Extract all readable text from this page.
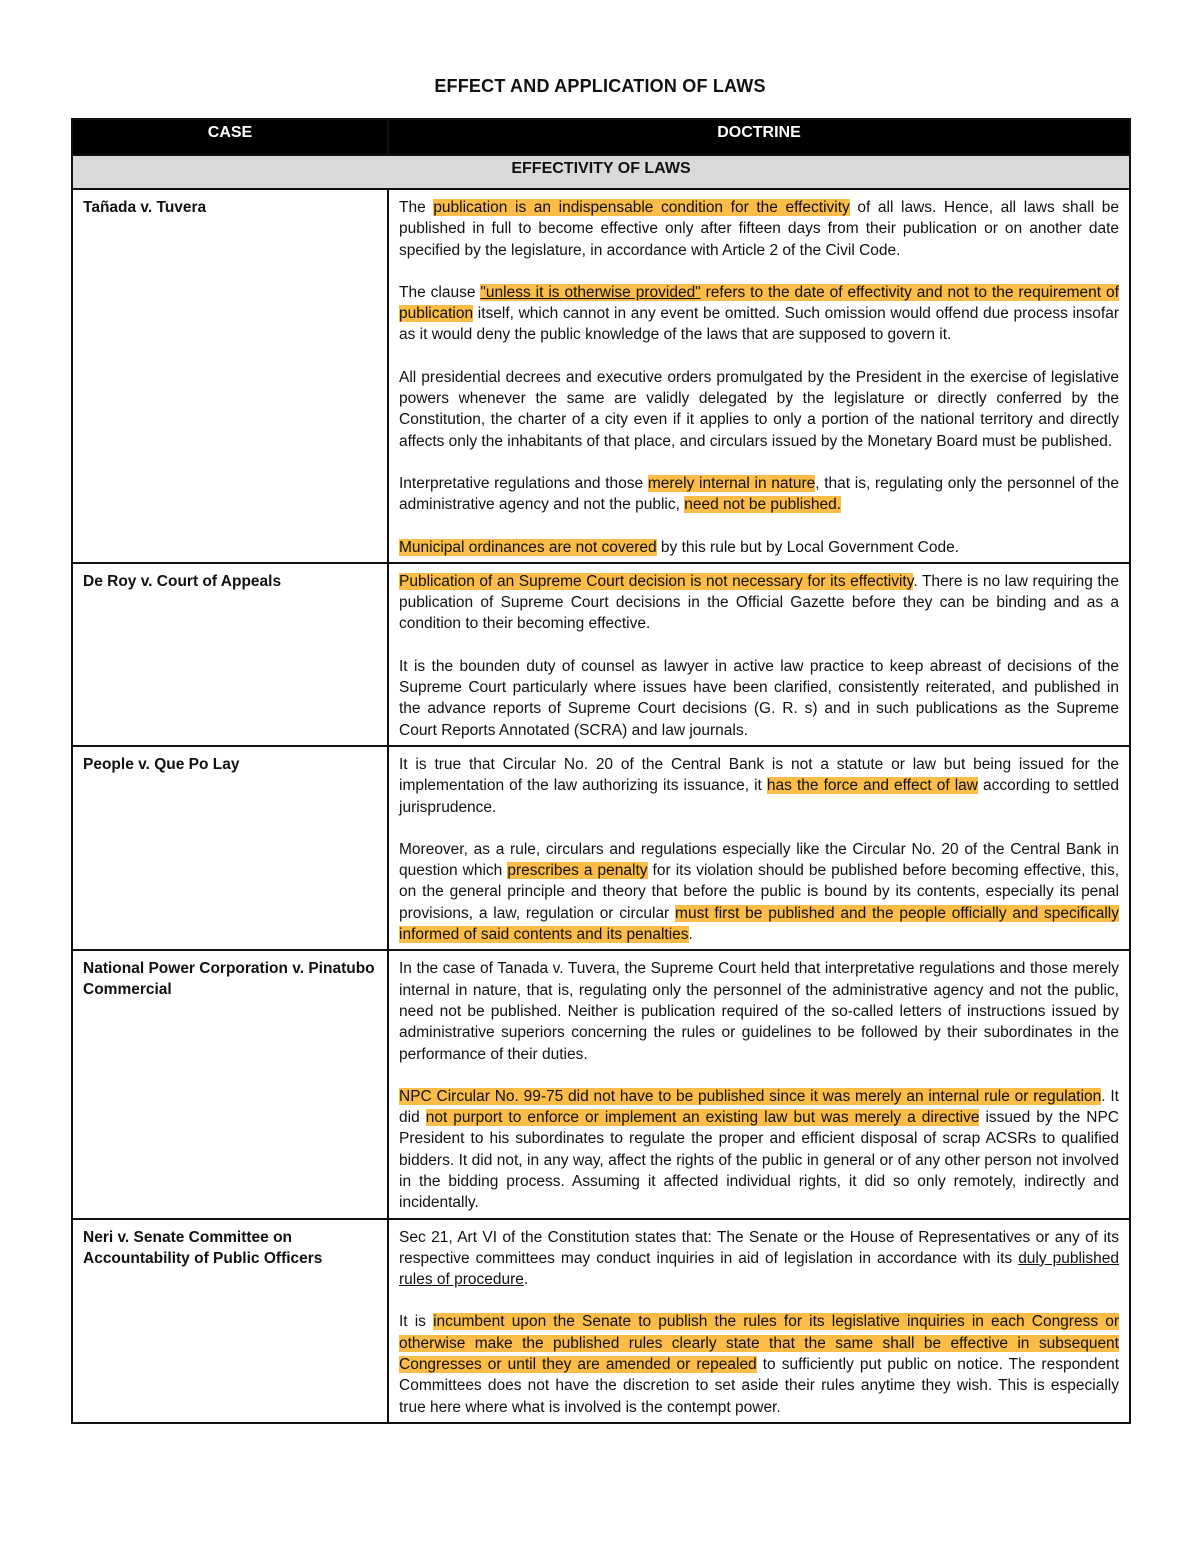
EFFECT AND APPLICATION OF LAWS
CASE	DOCTRINE
EFFECTIVITY OF LAWS	
Tañada v. Tuvera	The publication is an indispensable condition for the effectivity of all laws. Hence, all laws shall be published in full to become effective only after fifteen days from their publication or on another date specified by the legislature, in accordance with Article 2 of the Civil Code.

The clause "unless it is otherwise provided" refers to the date of effectivity and not to the requirement of publication itself, which cannot in any event be omitted. Such omission would offend due process insofar as it would deny the public knowledge of the laws that are supposed to govern it.

All presidential decrees and executive orders promulgated by the President in the exercise of legislative powers whenever the same are validly delegated by the legislature or directly conferred by the Constitution, the charter of a city even if it applies to only a portion of the national territory and directly affects only the inhabitants of that place, and circulars issued by the Monetary Board must be published.

Interpretative regulations and those merely internal in nature, that is, regulating only the personnel of the administrative agency and not the public, need not be published.

Municipal ordinances are not covered by this rule but by Local Government Code.

De Roy v. Court of Appeals	Publication of an Supreme Court decision is not necessary for its effectivity. There is no law requiring the publication of Supreme Court decisions in the Official Gazette before they can be binding and as a condition to their becoming effective.

It is the bounden duty of counsel as lawyer in active law practice to keep abreast of decisions of the Supreme Court particularly where issues have been clarified, consistently reiterated, and published in the advance reports of Supreme Court decisions (G. R. s) and in such publications as the Supreme Court Reports Annotated (SCRA) and law journals.

People v. Que Po Lay	It is true that Circular No. 20 of the Central Bank is not a statute or law but being issued for the implementation of the law authorizing its issuance, it has the force and effect of law according to settled jurisprudence.

Moreover, as a rule, circulars and regulations especially like the Circular No. 20 of the Central Bank in question which prescribes a penalty for its violation should be published before becoming effective, this, on the general principle and theory that before the public is bound by its contents, especially its penal provisions, a law, regulation or circular must first be published and the people officially and specifically informed of said contents and its penalties.

National Power Corporation v. Pinatubo Commercial	In the case of Tanada v. Tuvera, the Supreme Court held that interpretative regulations and those merely internal in nature, that is, regulating only the personnel of the administrative agency and not the public, need not be published. Neither is publication required of the so-called letters of instructions issued by administrative superiors concerning the rules or guidelines to be followed by their subordinates in the performance of their duties.

NPC Circular No. 99-75 did not have to be published since it was merely an internal rule or regulation. It did not purport to enforce or implement an existing law but was merely a directive issued by the NPC President to his subordinates to regulate the proper and efficient disposal of scrap ACSRs to qualified bidders. It did not, in any way, affect the rights of the public in general or of any other person not involved in the bidding process. Assuming it affected individual rights, it did so only remotely, indirectly and incidentally.

Neri v. Senate Committee on Accountability of Public Officers	Sec 21, Art VI of the Constitution states that: The Senate or the House of Representatives or any of its respective committees may conduct inquiries in aid of legislation in accordance with its duly published rules of procedure.

It is incumbent upon the Senate to publish the rules for its legislative inquiries in each Congress or otherwise make the published rules clearly state that the same shall be effective in subsequent Congresses or until they are amended or repealed to sufficiently put public on notice. The respondent Committees does not have the discretion to set aside their rules anytime they wish. This is especially true here where what is involved is the contempt power.
